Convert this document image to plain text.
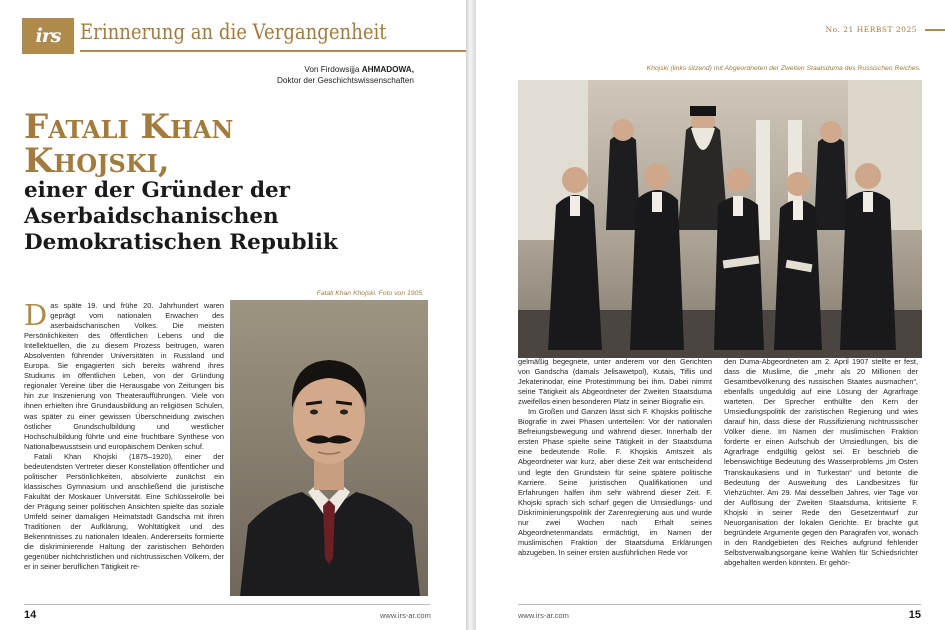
irs Erinnerung an die Vergangenheit
Von Firdowsijja AHMADOWA,
Doktor der Geschichtswissenschaften
Fatali Khan
Khojski,
einer der Gründer der
Aserbaidschanischen
Demokratischen Republik
Fatali Khan Khojski. Foto von 1905.

Das späte 19. und frühe 20. Jahrhundert waren geprägt vom nationalen Erwachen des aserbaidschanischen Volkes. Die meisten Persönlichkeiten des öffentlichen Lebens und die Intellektuellen, die zu diesem Prozess beitrugen, waren Absolventen führender Universitäten in Russland und Europa. Sie engagierten sich bereits während ihres Studiums im öffentlichen Leben, von der Gründung regionaler Vereine über die Herausgabe von Zeitungen bis hin zur Inszenierung von Theateraufführungen. Viele von ihnen erhielten ihre Grundausbildung an religiösen Schulen, was später zu einer gewissen Überschneidung zwischen östlicher Grundschulbildung und westlicher Hochschulbildung führte und eine fruchtbare Synthese von Nationalbewusstsein und europäischem Denken schuf.

Fatali Khan Khojski (1875–1920), einer der bedeutendsten Vertreter dieser Konstellation öffentlicher und politischer Persönlichkeiten, absolvierte zunächst ein klassisches Gymnasium und anschließend die juristische Fakultät der Moskauer Universität. Eine Schlüsselrolle bei der Prägung seiner politischen Ansichten spielte das soziale Umfeld seiner damaligen Heimatstadt Gandscha mit ihren Traditionen der Aufklärung, Wohltätigkeit und des Bekenntnisses zu nationalen Idealen. Andererseits formierte die diskriminierende Haltung der zaristischen Behörden gegenüber nichtchristlichen und nichtrussischen Völkern, der er in seiner beruflichen Tätigkeit re-

14	www.irs-ar.com
No. 21 HERBST 2025
Khojski (links sitzend) mit Abgeordneten der Zweiten Staatsduma des Russischen Reiches.

gelmäßig begegnete, unter anderem vor den Gerichten von Gandscha (damals Jelisawetpol), Kutais, Tiflis und Jekaterinodar, eine Protestimmung bei ihm. Dabei nimmt seine Tätigkeit als Abgeordneter der Zweiten Staatsduma zweifellos einen besonderen Platz in seiner Biografie ein.

Im Großen und Ganzen lässt sich F. Khojskis politische Biografie in zwei Phasen unterteilen: Vor der nationalen Befreiungsbewegung und während dieser. Innerhalb der ersten Phase spielte seine Tätigkeit in der Staatsduma eine bedeutende Rolle. F. Khojskis Amtszeit als Abgeordneter war kurz, aber diese Zeit war entscheidend und legte den Grundstein für seine spätere politische Karriere. Seine juristischen Qualifikationen und Erfahrungen halfen ihm sehr während dieser Zeit. F. Khojski sprach sich scharf gegen die Umsiedlungs- und Diskriminierungspolitik der Zarenregierung aus und wurde nur zwei Wochen nach Erhalt seines Abgeordnetenmandats ermächtigt, im Namen der muslimischen Fraktion der Staatsduma Erklärungen abzugeben. In seiner ersten ausführlichen Rede vor

den Duma-Abgeordneten am 2. April 1907 stellte er fest, dass die Muslime, die „mehr als 20 Millionen der Gesamtbevölkerung des russischen Staates ausmachen“, ebenfalls ungeduldig auf eine Lösung der Agrarfrage warteten. Der Sprecher enthüllte den Kern der Umsiedlungspolitik der zaristischen Regierung und wies darauf hin, dass diese der Russifizierung nichtrussischer Völker diene. Im Namen der muslimischen Fraktion forderte er einen Aufschub der Umsiedlungen, bis die Agrarfrage endgültig gelöst sei. Er beschrieb die lebenswichtige Bedeutung des Wasserproblems „im Osten Transkaukasiens und in Turkestan“ und betonte die Bedeutung der Ausweitung des Landbesitzes für Viehzüchter. Am 29. Mai desselben Jahres, vier Tage vor der Auflösung der Zweiten Staatsduma, kritisierte F. Khojski in seiner Rede den Gesetzentwurf zur Neuorganisation der lokalen Gerichte. Er brachte gut begründete Argumente gegen den Paragrafen vor, wonach in den Randgebieten des Reiches aufgrund fehlender Selbstverwaltungsorgane keine Wahlen für Schiedsrichter abgehalten werden könnten. Er gehör-

www.irs-ar.com	15
